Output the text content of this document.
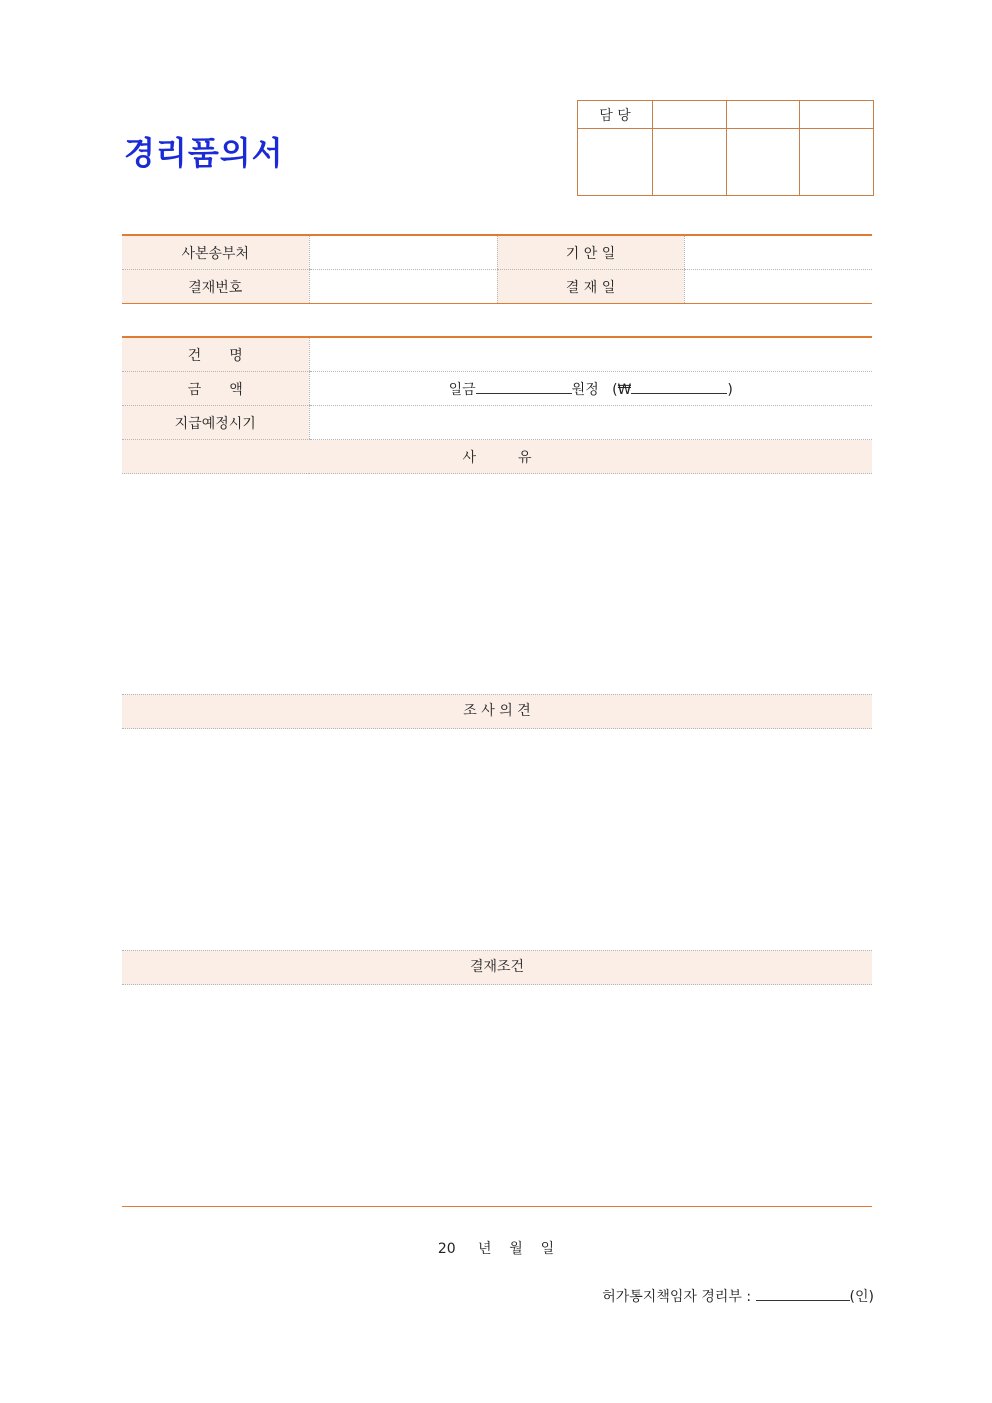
경리품의서
담 당			

사본송부처		기 안 일	
결재번호		결 재 일	
건　　명	
금　　액	일금 원정 (₩ )
지급예정시기	
사　　　유	
조 사 의 견
결재조건
20 년 월 일
허가통지책임자 경리부 :	(인)
